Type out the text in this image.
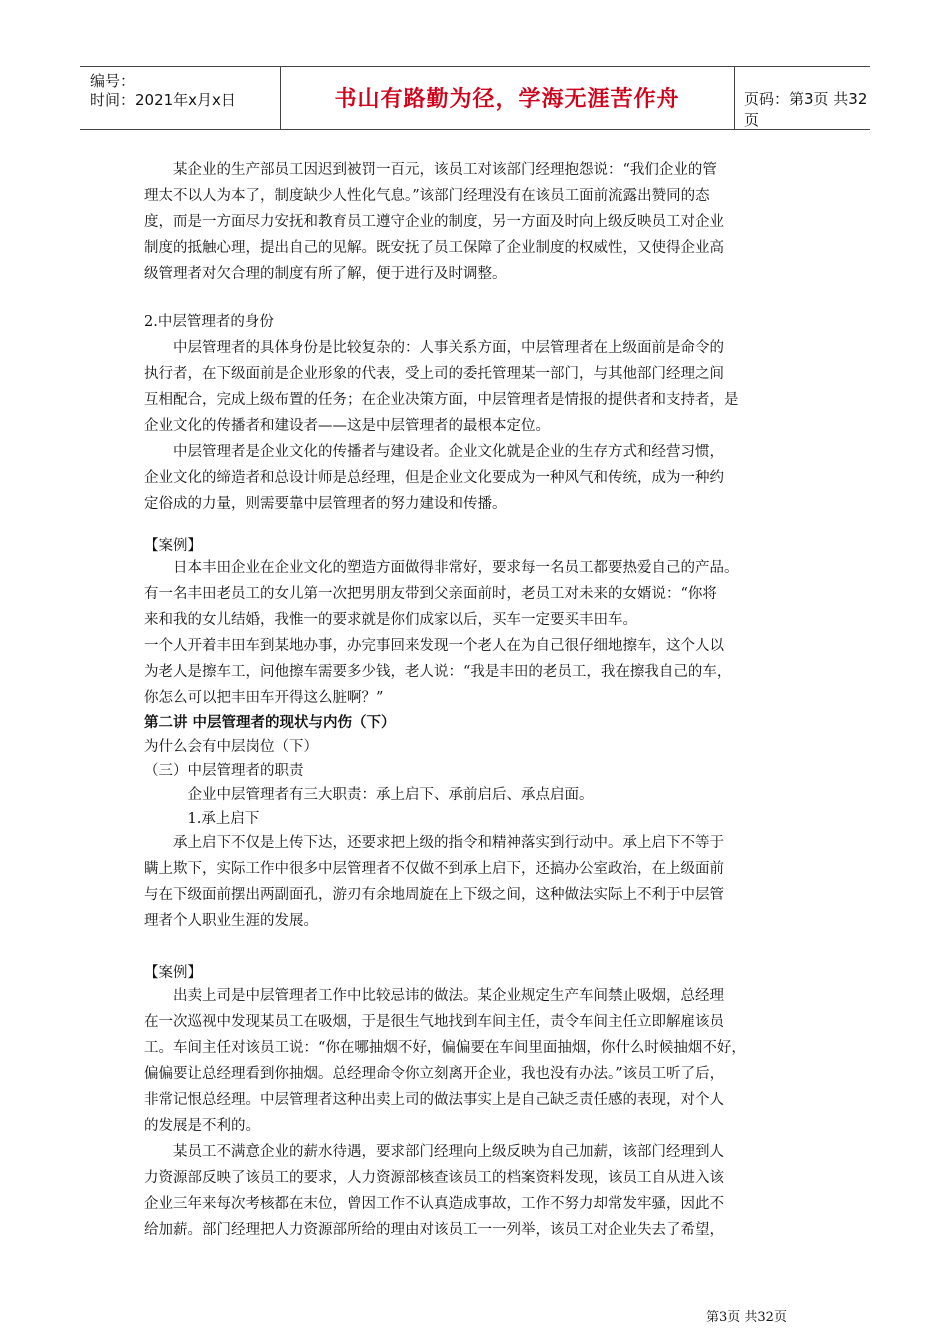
编号：
时间：2021年x月x日	书山有路勤为径，学海无涯苦作舟	页码：第3页 共32页
　　某企业的生产部员工因迟到被罚一百元，该员工对该部门经理抱怨说：“我们企业的管
理太不以人为本了，制度缺少人性化气息。”该部门经理没有在该员工面前流露出赞同的态
度，而是一方面尽力安抚和教育员工遵守企业的制度，另一方面及时向上级反映员工对企业
制度的抵触心理，提出自己的见解。既安抚了员工保障了企业制度的权威性，又使得企业高
级管理者对欠合理的制度有所了解，便于进行及时调整。
2.中层管理者的身份
　　中层管理者的具体身份是比较复杂的：人事关系方面，中层管理者在上级面前是命令的
执行者，在下级面前是企业形象的代表，受上司的委托管理某一部门，与其他部门经理之间
互相配合，完成上级布置的任务；在企业决策方面，中层管理者是情报的提供者和支持者，是
企业文化的传播者和建设者——这是中层管理者的最根本定位。
　　中层管理者是企业文化的传播者与建设者。企业文化就是企业的生存方式和经营习惯，
企业文化的缔造者和总设计师是总经理，但是企业文化要成为一种风气和传统，成为一种约
定俗成的力量，则需要靠中层管理者的努力建设和传播。
【案例】
　　日本丰田企业在企业文化的塑造方面做得非常好，要求每一名员工都要热爱自己的产品。
有一名丰田老员工的女儿第一次把男朋友带到父亲面前时，老员工对未来的女婿说：“你将
来和我的女儿结婚，我惟一的要求就是你们成家以后，买车一定要买丰田车。
一个人开着丰田车到某地办事，办完事回来发现一个老人在为自己很仔细地擦车，这个人以
为老人是擦车工，问他擦车需要多少钱，老人说：“我是丰田的老员工，我在擦我自己的车，
你怎么可以把丰田车开得这么脏啊？”
第二讲 中层管理者的现状与内伤（下）
为什么会有中层岗位（下）
（三）中层管理者的职责
　　　企业中层管理者有三大职责：承上启下、承前启后、承点启面。
　　　1.承上启下
　　承上启下不仅是上传下达，还要求把上级的指令和精神落实到行动中。承上启下不等于
瞒上欺下，实际工作中很多中层管理者不仅做不到承上启下，还搞办公室政治，在上级面前
与在下级面前摆出两副面孔，游刃有余地周旋在上下级之间，这种做法实际上不利于中层管
理者个人职业生涯的发展。
【案例】
　　出卖上司是中层管理者工作中比较忌讳的做法。某企业规定生产车间禁止吸烟，总经理
在一次巡视中发现某员工在吸烟，于是很生气地找到车间主任，责令车间主任立即解雇该员
工。车间主任对该员工说：“你在哪抽烟不好，偏偏要在车间里面抽烟，你什么时候抽烟不好，
偏偏要让总经理看到你抽烟。总经理命令你立刻离开企业，我也没有办法。”该员工听了后，
非常记恨总经理。中层管理者这种出卖上司的做法事实上是自己缺乏责任感的表现，对个人
的发展是不利的。
　　某员工不满意企业的薪水待遇，要求部门经理向上级反映为自己加薪，该部门经理到人
力资源部反映了该员工的要求，人力资源部核查该员工的档案资料发现，该员工自从进入该
企业三年来每次考核都在末位，曾因工作不认真造成事故，工作不努力却常发牢骚，因此不
给加薪。部门经理把人力资源部所给的理由对该员工一一列举，该员工对企业失去了希望，
第3页 共32页
